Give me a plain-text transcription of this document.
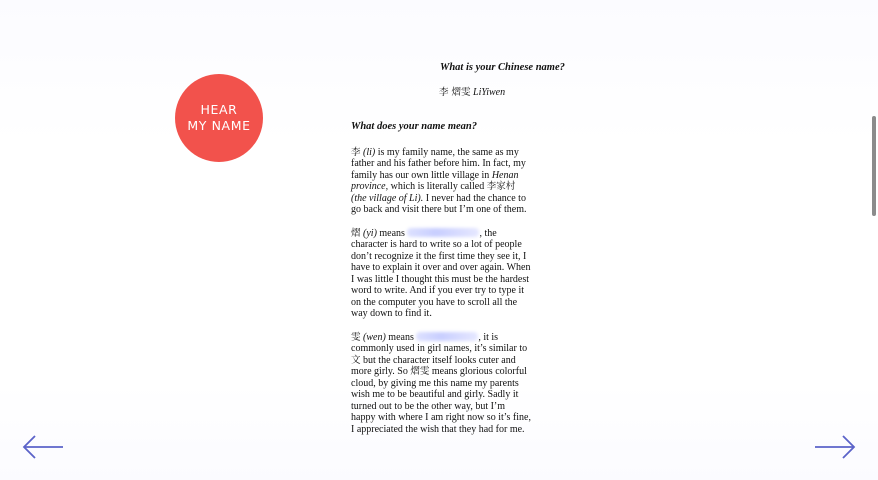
HEAR
MY NAME
What is your Chinese name?
李 熠雯 LiYiwen
What does your name mean?

李 (li) is my family name, the same as my father and his father before him. In fact, my family has our own little village in Henan province, which is literally called 李家村 (the village of Li). I never had the chance to go back and visit there but I’m one of them.

熠 (yi) means	, the character is hard to write so a lot of people don’t recognize it the first time they see it, I have to explain it over and over again. When I was little I thought this must be the hardest word to write. And if you ever try to type it on the computer you have to scroll all the way down to find it.

雯 (wen) means	, it is commonly used in girl names, it’s similar to 文 but the character itself looks cuter and more girly. So 熠雯 means glorious colorful cloud, by giving me this name my parents wish me to be beautiful and girly. Sadly it turned out to be the other way, but I’m happy with where I am right now so it’s fine, I appreciated the wish that they had for me.
